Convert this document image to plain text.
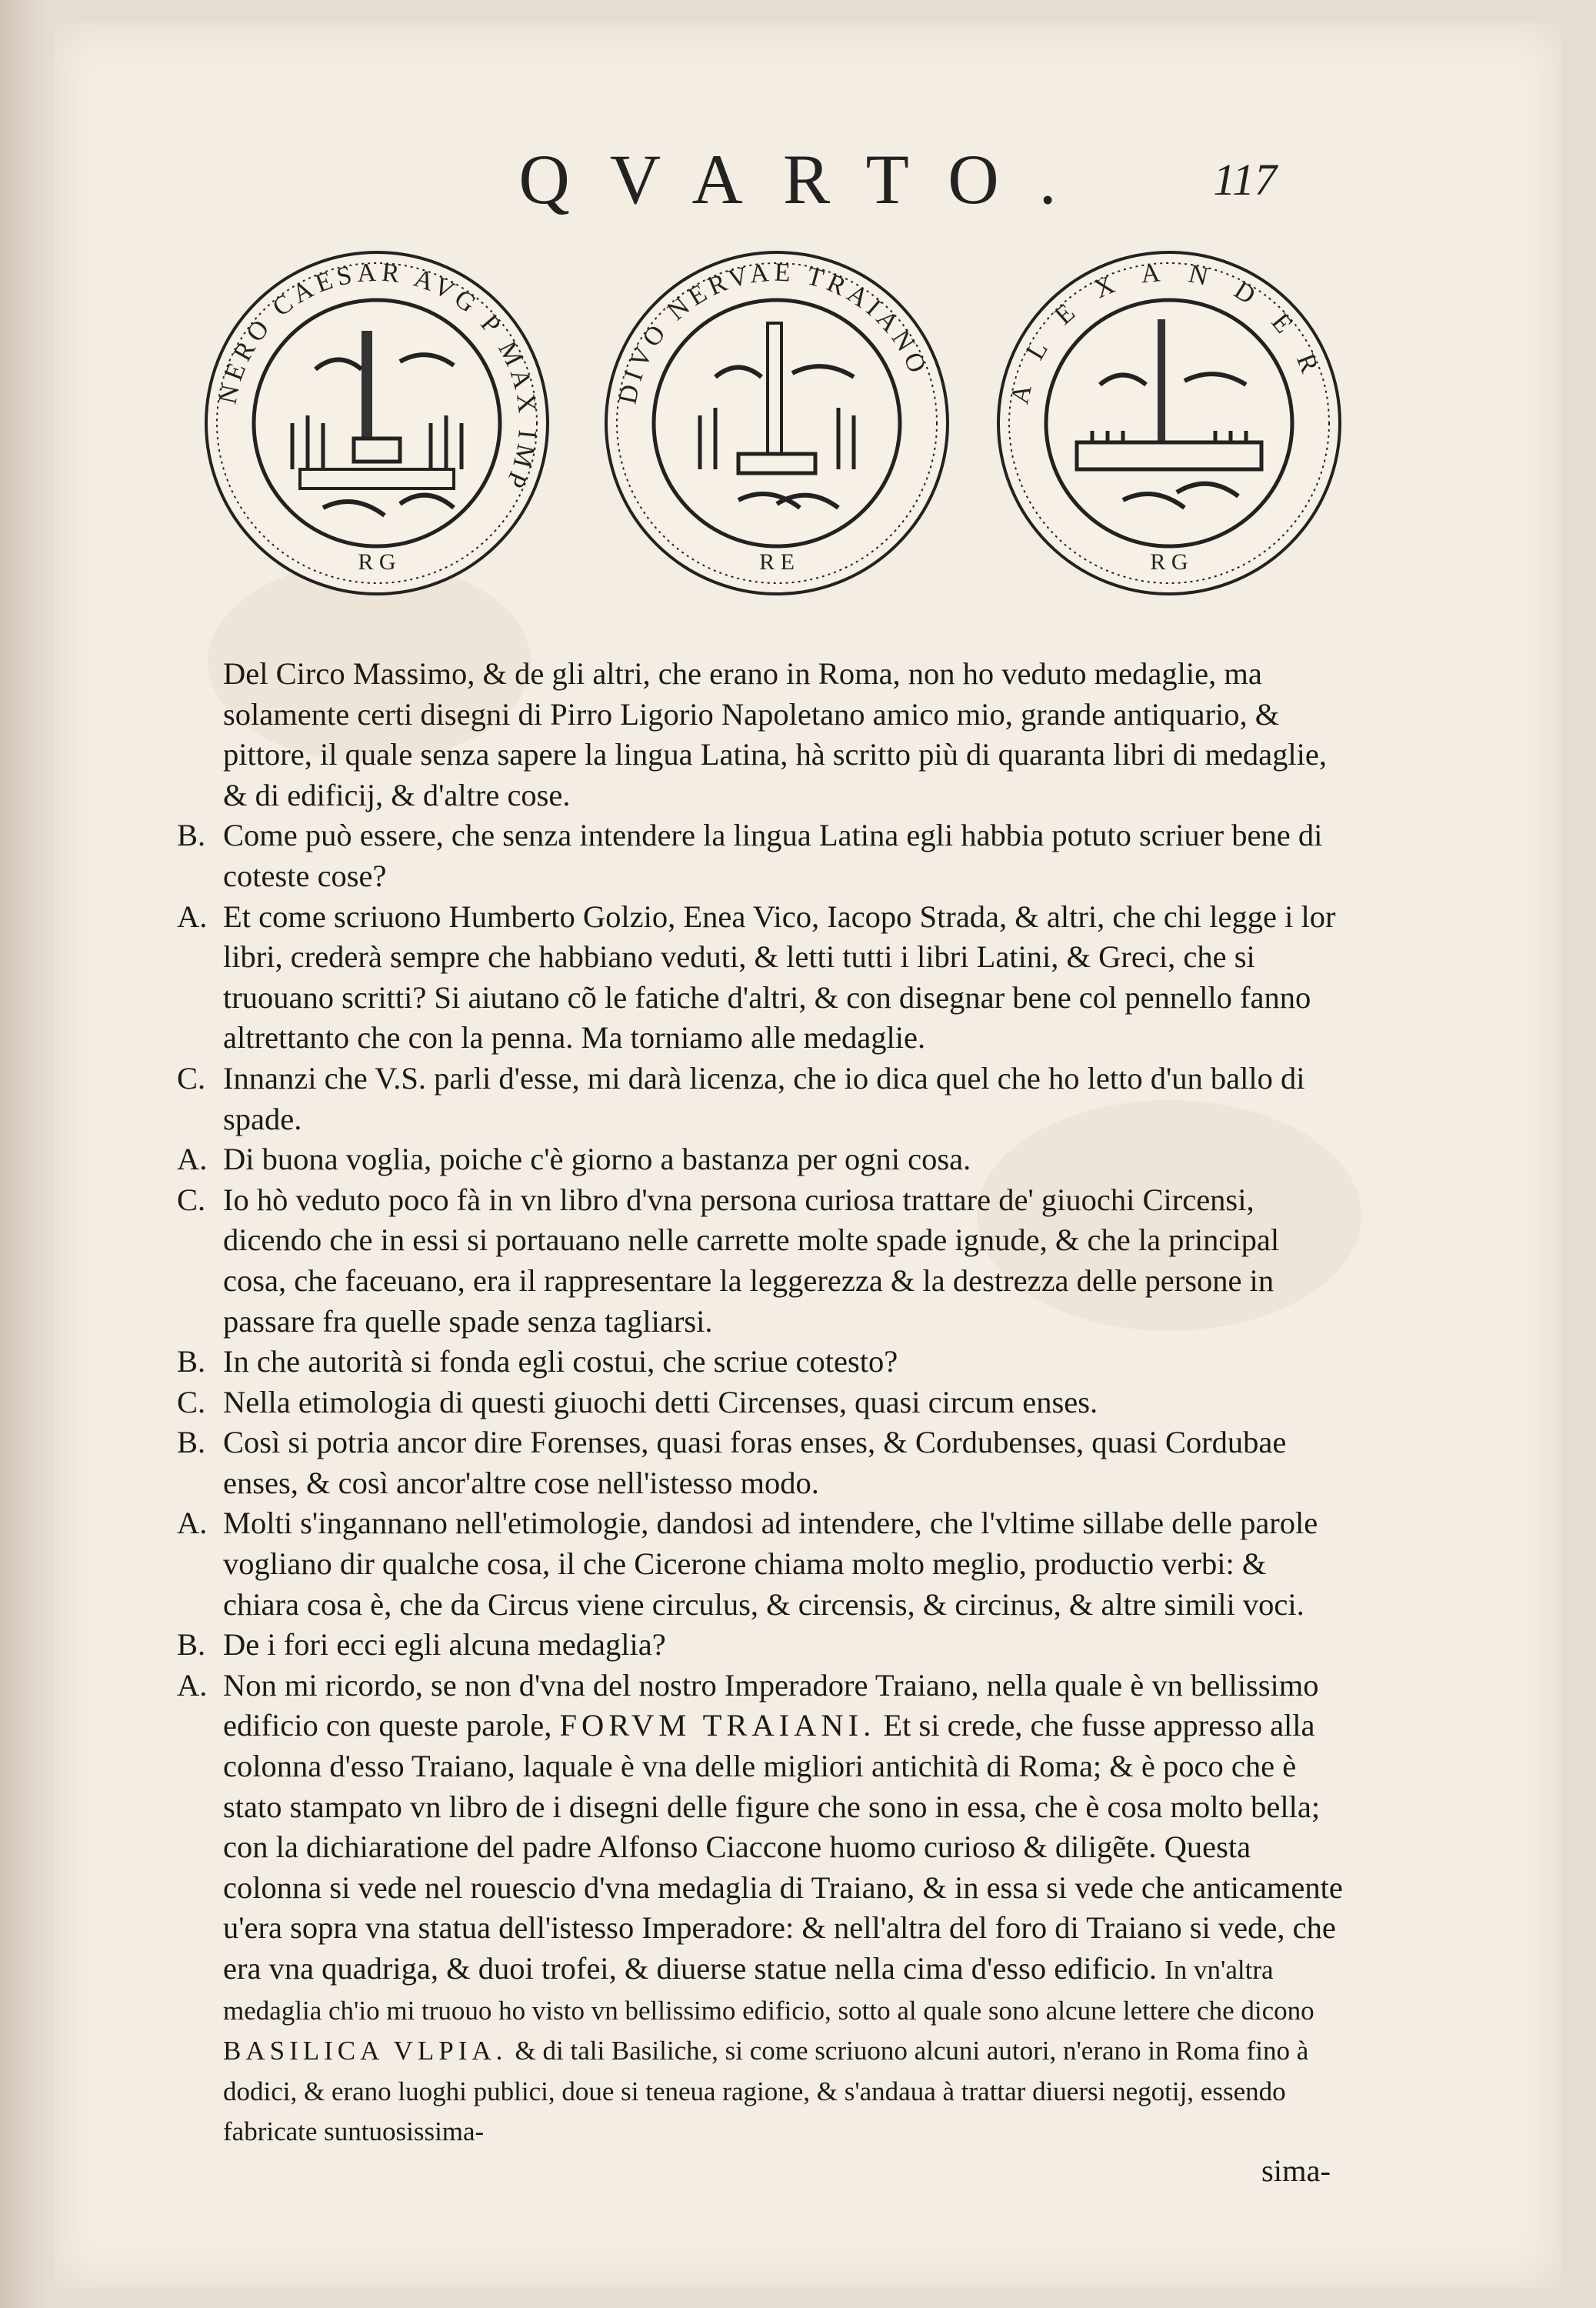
QVARTO.	117
NERO CAESAR AVG P MAX IMP
R G
DIVO NERVAE TRAIANO
R E
A L E X A N D E R
R G

Del Circo Massimo, & de gli altri, che erano in Roma, non ho veduto medaglie, ma solamente certi disegni di Pirro Ligorio Napoletano amico mio, grande antiquario, & pittore, il quale senza sapere la lingua Latina, hà scritto più di quaranta libri di medaglie, & di edificij, & d'altre cose.

B. Come può essere, che senza intendere la lingua Latina egli habbia potuto scriuer bene di coteste cose?

A. Et come scriuono Humberto Golzio, Enea Vico, Iacopo Strada, & altri, che chi legge i lor libri, crederà sempre che habbiano veduti, & letti tutti i libri Latini, & Greci, che si truouano scritti? Si aiutano cõ le fatiche d'altri, & con disegnar bene col pennello fanno altrettanto che con la penna. Ma torniamo alle medaglie.

C. Innanzi che V.S. parli d'esse, mi darà licenza, che io dica quel che ho letto d'un ballo di spade.

A. Di buona voglia, poiche c'è giorno a bastanza per ogni cosa.

C. Io hò veduto poco fà in vn libro d'vna persona curiosa trattare de' giuochi Circensi, dicendo che in essi si portauano nelle carrette molte spade ignude, & che la principal cosa, che faceuano, era il rappresentare la leggerezza & la destrezza delle persone in passare fra quelle spade senza tagliarsi.

B. In che autorità si fonda egli costui, che scriue cotesto?

C. Nella etimologia di questi giuochi detti Circenses, quasi circum enses.

B. Così si potria ancor dire Forenses, quasi foras enses, & Cordubenses, quasi Cordubae enses, & così ancor'altre cose nell'istesso modo.

A. Molti s'ingannano nell'etimologie, dandosi ad intendere, che l'vltime sillabe delle parole vogliano dir qualche cosa, il che Cicerone chiama molto meglio, productio verbi: & chiara cosa è, che da Circus viene circulus, & circensis, & circinus, & altre simili voci.

B. De i fori ecci egli alcuna medaglia?

A. Non mi ricordo, se non d'vna del nostro Imperadore Traiano, nella quale è vn bellissimo edificio con queste parole, FORVM TRAIANI. Et si crede, che fusse appresso alla colonna d'esso Traiano, laquale è vna delle migliori antichità di Roma; & è poco che è stato stampato vn libro de i disegni delle figure che sono in essa, che è cosa molto bella; con la dichiaratione del padre Alfonso Ciaccone huomo curioso & diligẽte. Questa colonna si vede nel rouescio d'vna medaglia di Traiano, & in essa si vede che anticamente u'era sopra vna statua dell'istesso Imperadore: & nell'altra del foro di Traiano si vede, che era vna quadriga, & duoi trofei, & diuerse statue nella cima d'esso edificio. In vn'altra medaglia ch'io mi truouo ho visto vn bellissimo edificio, sotto al quale sono alcune lettere che dicono BASILICA VLPIA. & di tali Basiliche, si come scriuono alcuni autori, n'erano in Roma fino à dodici, & erano luoghi publici, doue si teneua ragione, & s'andaua à trattar diuersi negotij, essendo fabricate suntuosissima-

sima-
